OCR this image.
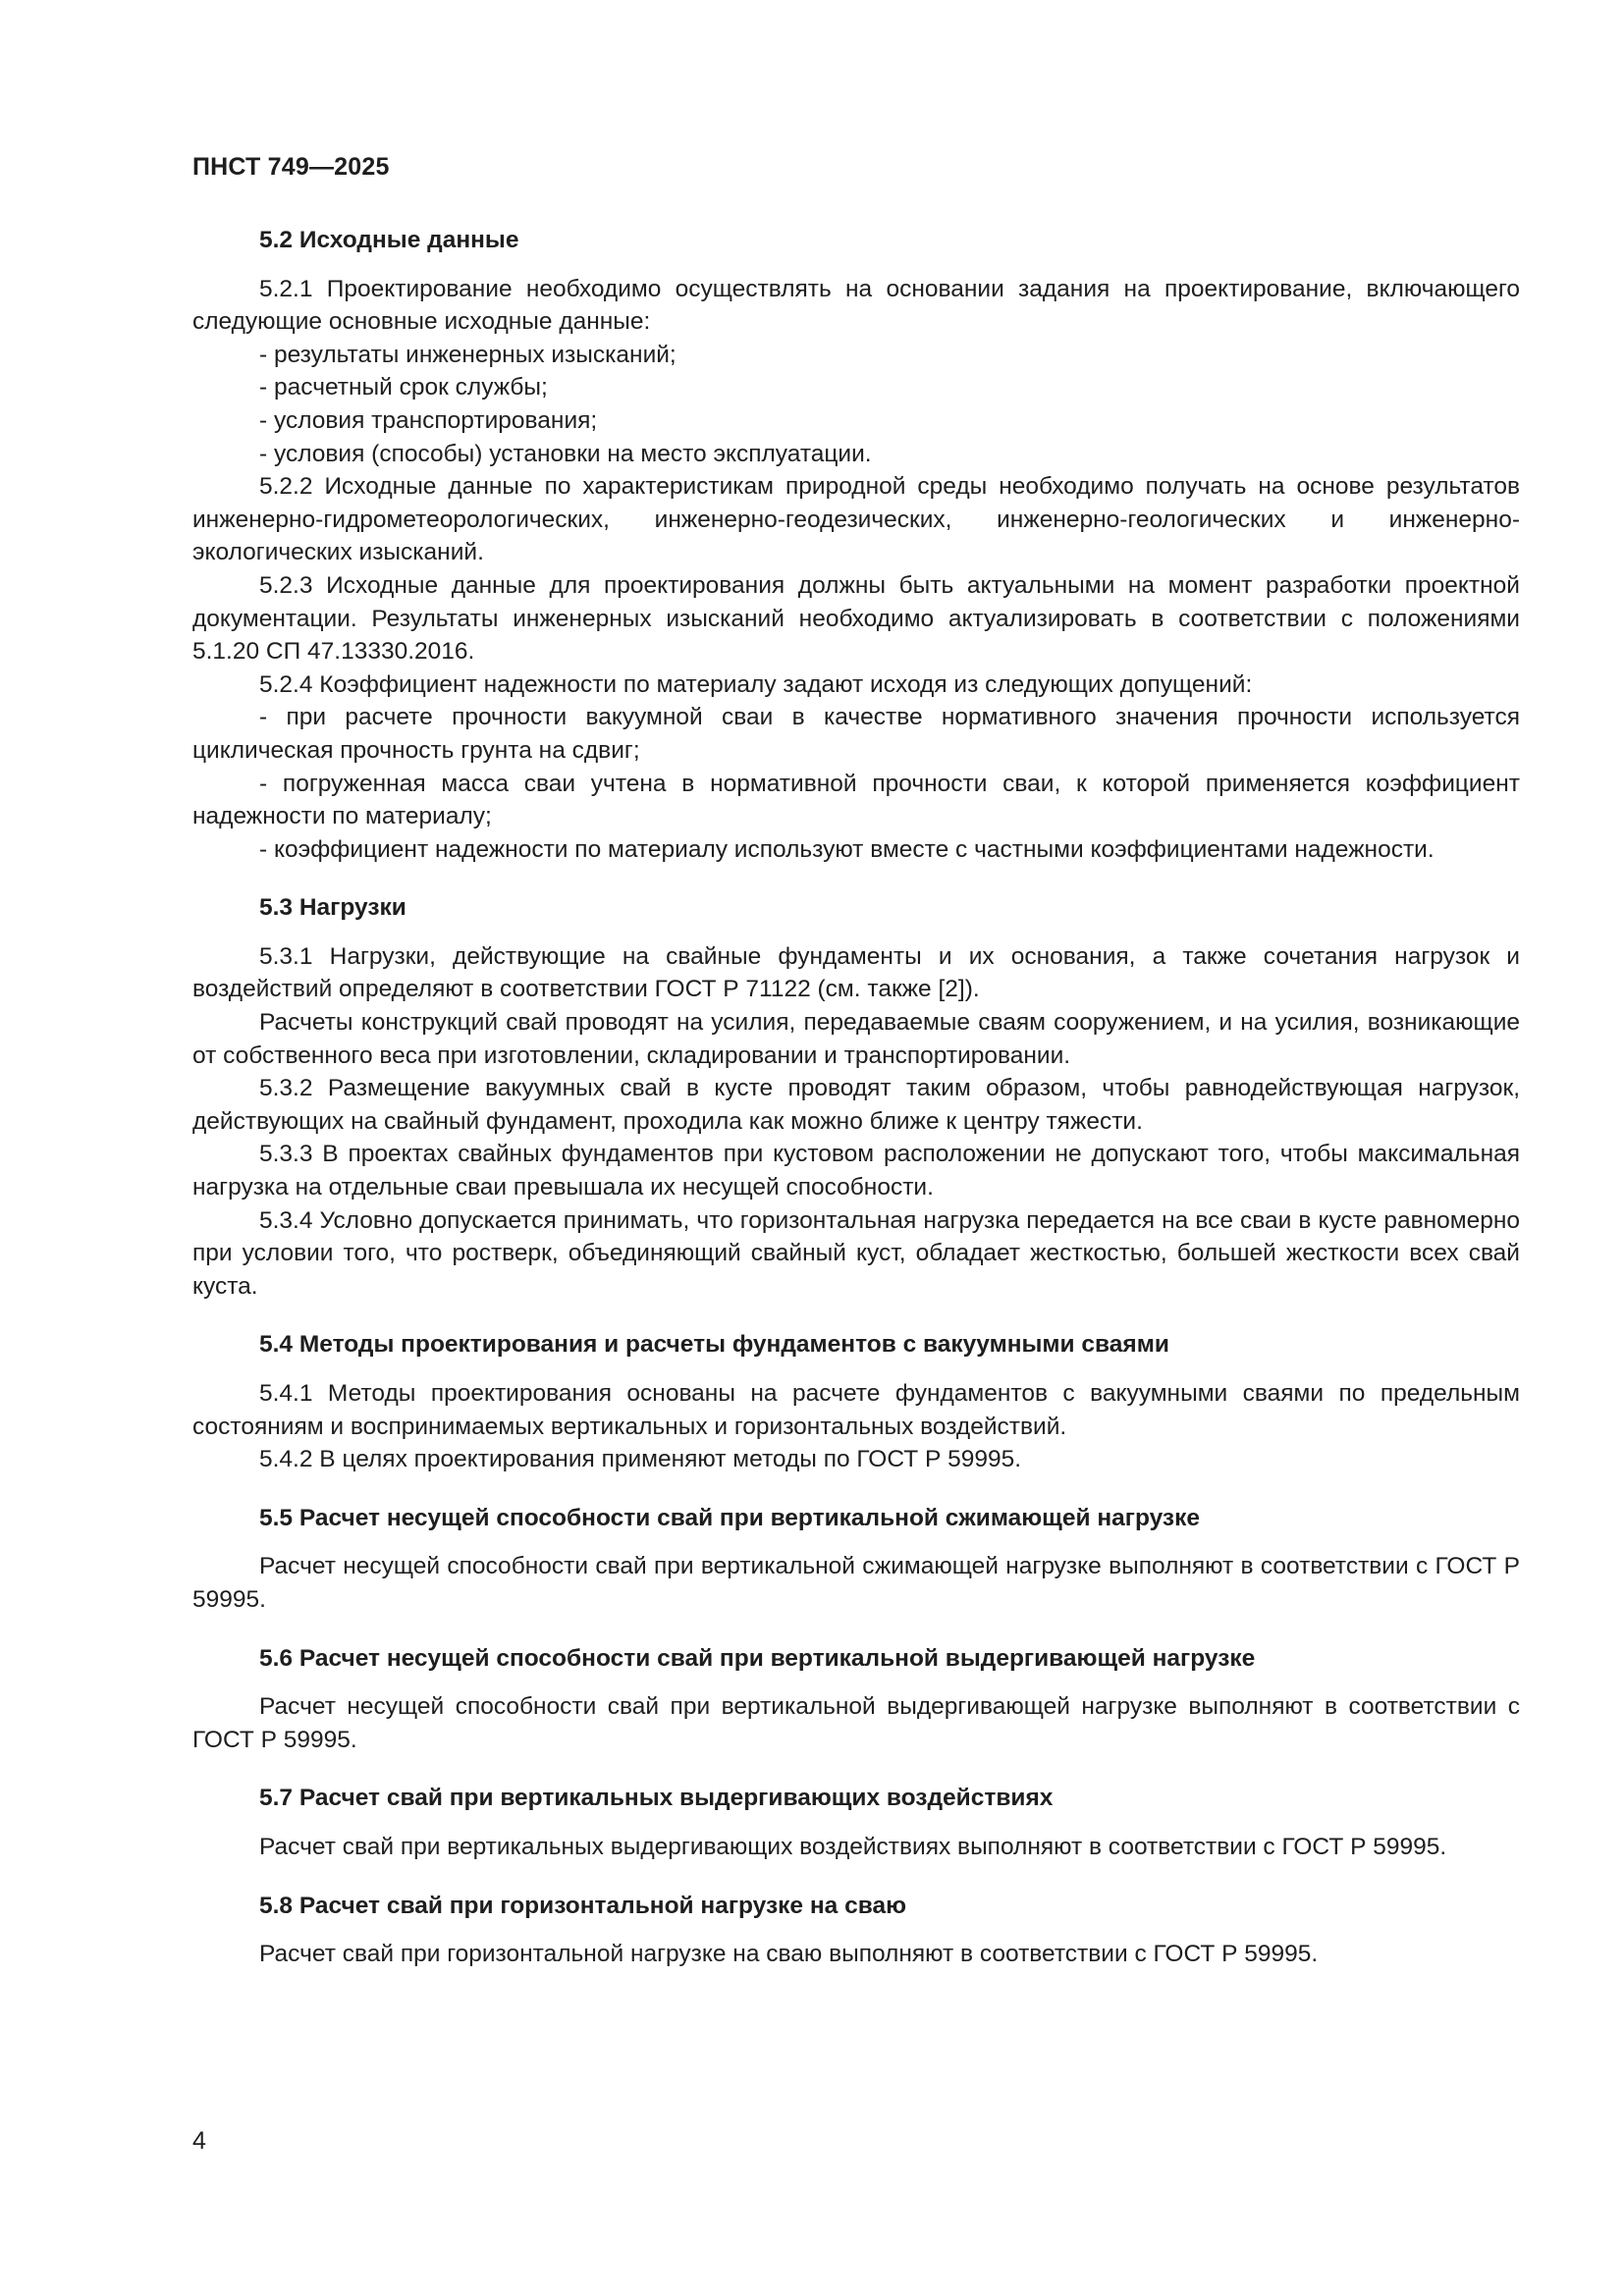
ПНСТ 749—2025
5.2 Исходные данные

5.2.1 Проектирование необходимо осуществлять на основании задания на проектирование, включающего следующие основные исходные данные:

- результаты инженерных изысканий;

- расчетный срок службы;

- условия транспортирования;

- условия (способы) установки на место эксплуатации.

5.2.2 Исходные данные по характеристикам природной среды необходимо получать на основе результатов инженерно-гидрометеорологических, инженерно-геодезических, инженерно-геологических и инженерно-экологических изысканий.

5.2.3 Исходные данные для проектирования должны быть актуальными на момент разработки проектной документации. Результаты инженерных изысканий необходимо актуализировать в соответствии с положениями 5.1.20 СП 47.13330.2016.

5.2.4 Коэффициент надежности по материалу задают исходя из следующих допущений:

- при расчете прочности вакуумной сваи в качестве нормативного значения прочности используется циклическая прочность грунта на сдвиг;

- погруженная масса сваи учтена в нормативной прочности сваи, к которой применяется коэффициент надежности по материалу;

- коэффициент надежности по материалу используют вместе с частными коэффициентами надежности.

5.3 Нагрузки

5.3.1 Нагрузки, действующие на свайные фундаменты и их основания, а также сочетания нагрузок и воздействий определяют в соответствии ГОСТ Р 71122 (см. также [2]).

Расчеты конструкций свай проводят на усилия, передаваемые сваям сооружением, и на усилия, возникающие от собственного веса при изготовлении, складировании и транспортировании.

5.3.2 Размещение вакуумных свай в кусте проводят таким образом, чтобы равнодействующая нагрузок, действующих на свайный фундамент, проходила как можно ближе к центру тяжести.

5.3.3 В проектах свайных фундаментов при кустовом расположении не допускают того, чтобы максимальная нагрузка на отдельные сваи превышала их несущей способности.

5.3.4 Условно допускается принимать, что горизонтальная нагрузка передается на все сваи в кусте равномерно при условии того, что ростверк, объединяющий свайный куст, обладает жесткостью, большей жесткости всех свай куста.

5.4 Методы проектирования и расчеты фундаментов с вакуумными сваями

5.4.1 Методы проектирования основаны на расчете фундаментов с вакуумными сваями по предельным состояниям и воспринимаемых вертикальных и горизонтальных воздействий.

5.4.2 В целях проектирования применяют методы по ГОСТ Р 59995.

5.5 Расчет несущей способности свай при вертикальной сжимающей нагрузке

Расчет несущей способности свай при вертикальной сжимающей нагрузке выполняют в соответствии с ГОСТ Р 59995.

5.6 Расчет несущей способности свай при вертикальной выдергивающей нагрузке

Расчет несущей способности свай при вертикальной выдергивающей нагрузке выполняют в соответствии с ГОСТ Р 59995.

5.7 Расчет свай при вертикальных выдергивающих воздействиях

Расчет свай при вертикальных выдергивающих воздействиях выполняют в соответствии с ГОСТ Р 59995.

5.8 Расчет свай при горизонтальной нагрузке на сваю

Расчет свай при горизонтальной нагрузке на сваю выполняют в соответствии с ГОСТ Р 59995.

4
